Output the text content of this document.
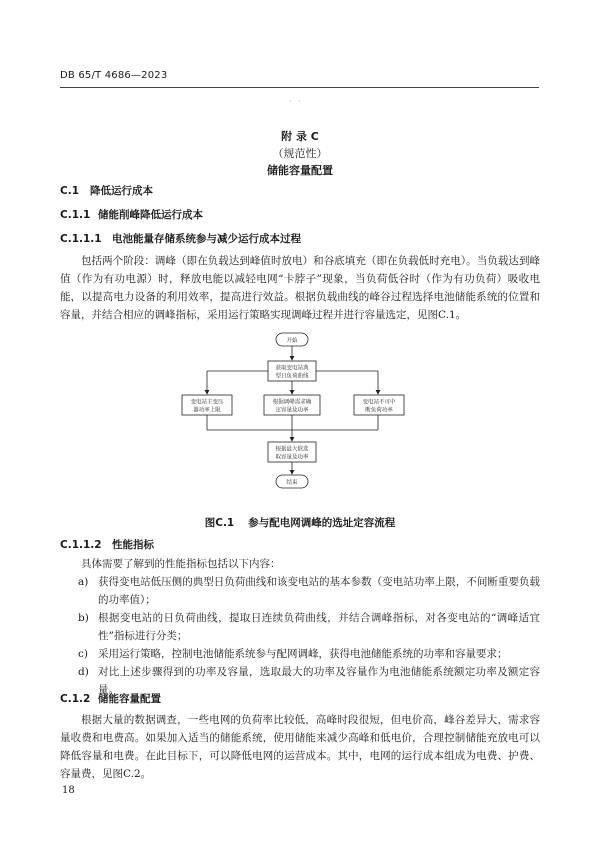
DB 65/T 4686—2023
· ·
附 录 C
（规范性）
储能容量配置
C.1 降低运行成本
C.1.1 储能削峰降低运行成本
C.1.1.1 电池能量存储系统参与减少运行成本过程
包括两个阶段：调峰（即在负载达到峰值时放电）和谷底填充（即在负载低时充电）。当负载达到峰值（作为有功电源）时，释放电能以减轻电网“卡脖子”现象，当负荷低谷时（作为有功负荷）吸收电能，以提高电力设备的利用效率，提高进行效益。根据负载曲线的峰谷过程选择电池储能系统的位置和容量，并结合相应的调峰指标，采用运行策略实现调峰过程并进行容量选定，见图C.1。
开始
获取变电站典
型日负荷曲线
变电站主变压
器功率上限
根据调峰需求确
定容量及功率
变电站不可中
断负荷功率
根据最大值选
取容量及功率
结束
图C.1 参与配电网调峰的选址定容流程
C.1.1.2 性能指标
具体需要了解到的性能指标包括以下内容：
a) 获得变电站低压侧的典型日负荷曲线和该变电站的基本参数（变电站功率上限，不间断重要负载的功率值）；
b) 根据变电站的日负荷曲线，提取日连续负荷曲线，并结合调峰指标，对各变电站的“调峰适宜性”指标进行分类；
c) 采用运行策略，控制电池储能系统参与配网调峰，获得电池储能系统的功率和容量要求；
d) 对比上述步骤得到的功率及容量，选取最大的功率及容量作为电池储能系统额定功率及额定容量。
C.1.2 储能容量配置
根据大量的数据调查，一些电网的负荷率比较低，高峰时段很短，但电价高，峰谷差异大，需求容量收费和电费高。如果加入适当的储能系统，使用储能来减少高峰和低电价，合理控制储能充放电可以降低容量和电费。在此目标下，可以降低电网的运营成本。其中，电网的运行成本组成为电费、护费、容量费，见图C.2。
18
